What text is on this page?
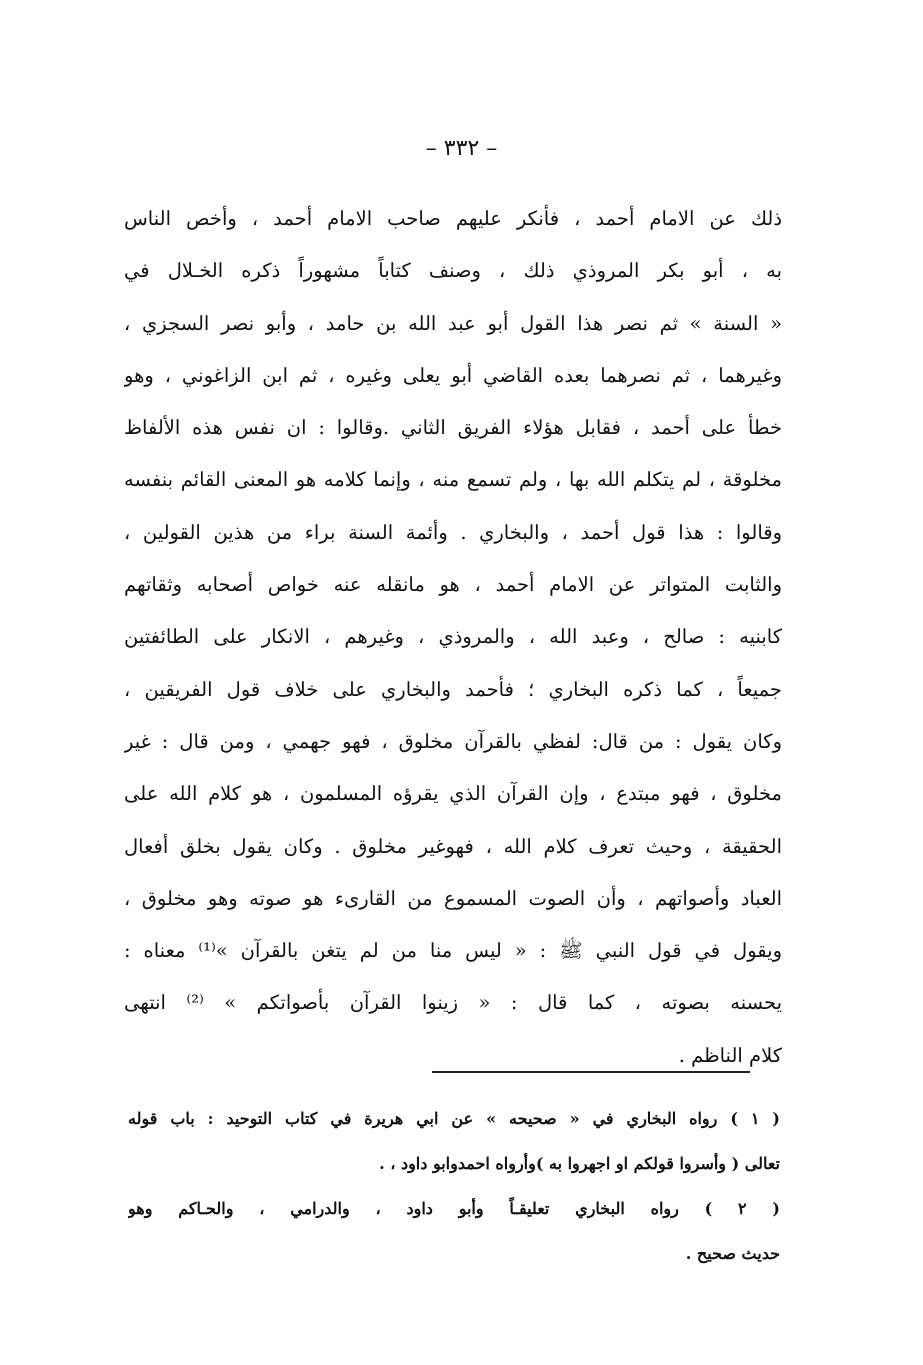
– ٣٣٢ –
ذلك عن الامام أحمد ، فأنكر عليهم صاحب الامام أحمد ، وأخص الناس
به ، أبو بكر المروذي ذلك ، وصنف كتاباً مشهوراً ذكره الخـلال في
« السنة » ثم نصر هذا القول أبو عبد الله بن حامد ، وأبو نصر السجزي ،
وغيرهما ، ثم نصرهما بعده القاضي أبو يعلى وغيره ، ثم ابن الزاغوني ، وهو
خطأ على أحمد ، فقابل هؤلاء الفريق الثاني .وقالوا : ان نفس هذه الألفاظ
مخلوقة ، لم يتكلم الله بها ، ولم تسمع منه ، وإنما كلامه هو المعنى القائم بنفسه
وقالوا : هذا قول أحمد ، والبخاري . وأئمة السنة براء من هذين القولين ،
والثابت المتواتر عن الامام أحمد ، هو مانقله عنه خواص أصحابه وثقاتهم
كابنيه : صالح ، وعبد الله ، والمروذي ، وغيرهم ، الانكار على الطائفتين
جميعاً ، كما ذكره البخاري ؛ فأحمد والبخاري على خلاف قول الفريقين ،
وكان يقول : من قال: لفظي بالقرآن مخلوق ، فهو جهمي ، ومن قال : غير
مخلوق ، فهو مبتدع ، وإن القرآن الذي يقرؤه المسلمون ، هو كلام الله على
الحقيقة ، وحيث تعرف كلام الله ، فهوغير مخلوق . وكان يقول بخلق أفعال
العباد وأصواتهم ، وأن الصوت المسموع من القارىء هو صوته وهو مخلوق ،
ويقول في قول النبي ﷺ : « ليس منا من لم يتغن بالقرآن »⁽¹⁾ معناه :
يحسنه بصوته ، كما قال : « زينوا القرآن بأصواتكم » ⁽²⁾ انتهى
كلام الناظم .
( ١ ) رواه البخاري في « صحيحه » عن ابي هريرة في كتاب التوحيد : باب قوله
تعالى ( وأسروا قولكم او اجهروا به )وأرواه احمدوابو داود ، .
( ٢ ) رواه البخاري تعليقـاً وأبو داود ، والدرامي ، والحـاكم وهو
حديث صحيح .
